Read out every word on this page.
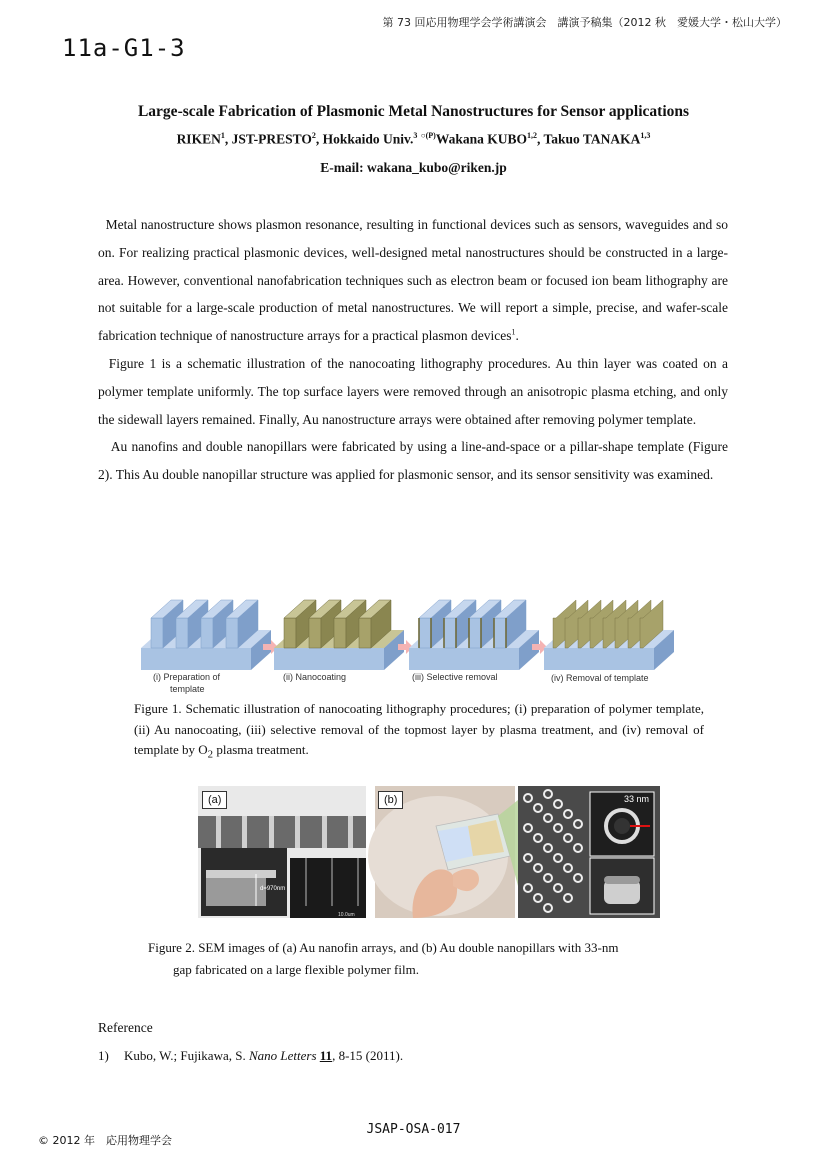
第 73 回応用物理学会学術講演会　講演予稿集（2012 秋　愛媛大学・松山大学）
11a-G1-3
Large-scale Fabrication of Plasmonic Metal Nanostructures for Sensor applications
RIKEN$^1$, JST-PRESTO$^2$, Hokkaido Univ.$^3$ $^{○(P)}$Wakana KUBO$^{1,2}$, Takuo TANAKA$^{1,3}$
E-mail: wakana_kubo@riken.jp

Metal nanostructure shows plasmon resonance, resulting in functional devices such as sensors, waveguides and so on. For realizing practical plasmonic devices, well-designed metal nanostructures should be constructed in a large-area. However, conventional nanofabrication techniques such as electron beam or focused ion beam lithography are not suitable for a large-scale production of metal nanostructures. We will report a simple, precise, and wafer-scale fabrication technique of nanostructure arrays for a practical plasmon devices$^1$.

Figure 1 is a schematic illustration of the nanocoating lithography procedures. Au thin layer was coated on a polymer template uniformly. The top surface layers were removed through an anisotropic plasma etching, and only the sidewall layers remained. Finally, Au nanostructure arrays were obtained after removing polymer template.

Au nanofins and double nanopillars were fabricated by using a line-and-space or a pillar-shape template (Figure 2). This Au double nanopillar structure was applied for plasmonic sensor, and its sensor sensitivity was examined.

(i) Preparation of
template
(ii) Nanocoating	(iii) Selective removal	(iv) Removal of template
Figure 1. Schematic illustration of nanocoating lithography procedures; (i) preparation of polymer template, (ii) Au nanocoating, (iii) selective removal of the topmost layer by plasma treatment, and (iv) removal of template by $O_2$ plasma treatment.
d=970nm
10.0um
33 nm
(a)	(b)
Figure 2. SEM images of (a) Au nanofin arrays, and (b) Au double nanopillars with 33-nm
gap fabricated on a large flexible polymer film.
Reference
1) Kubo, W.; Fujikawa, S. Nano Letters 11, 8-15 (2011).
© 2012 年　応用物理学会
JSAP-OSA-017
